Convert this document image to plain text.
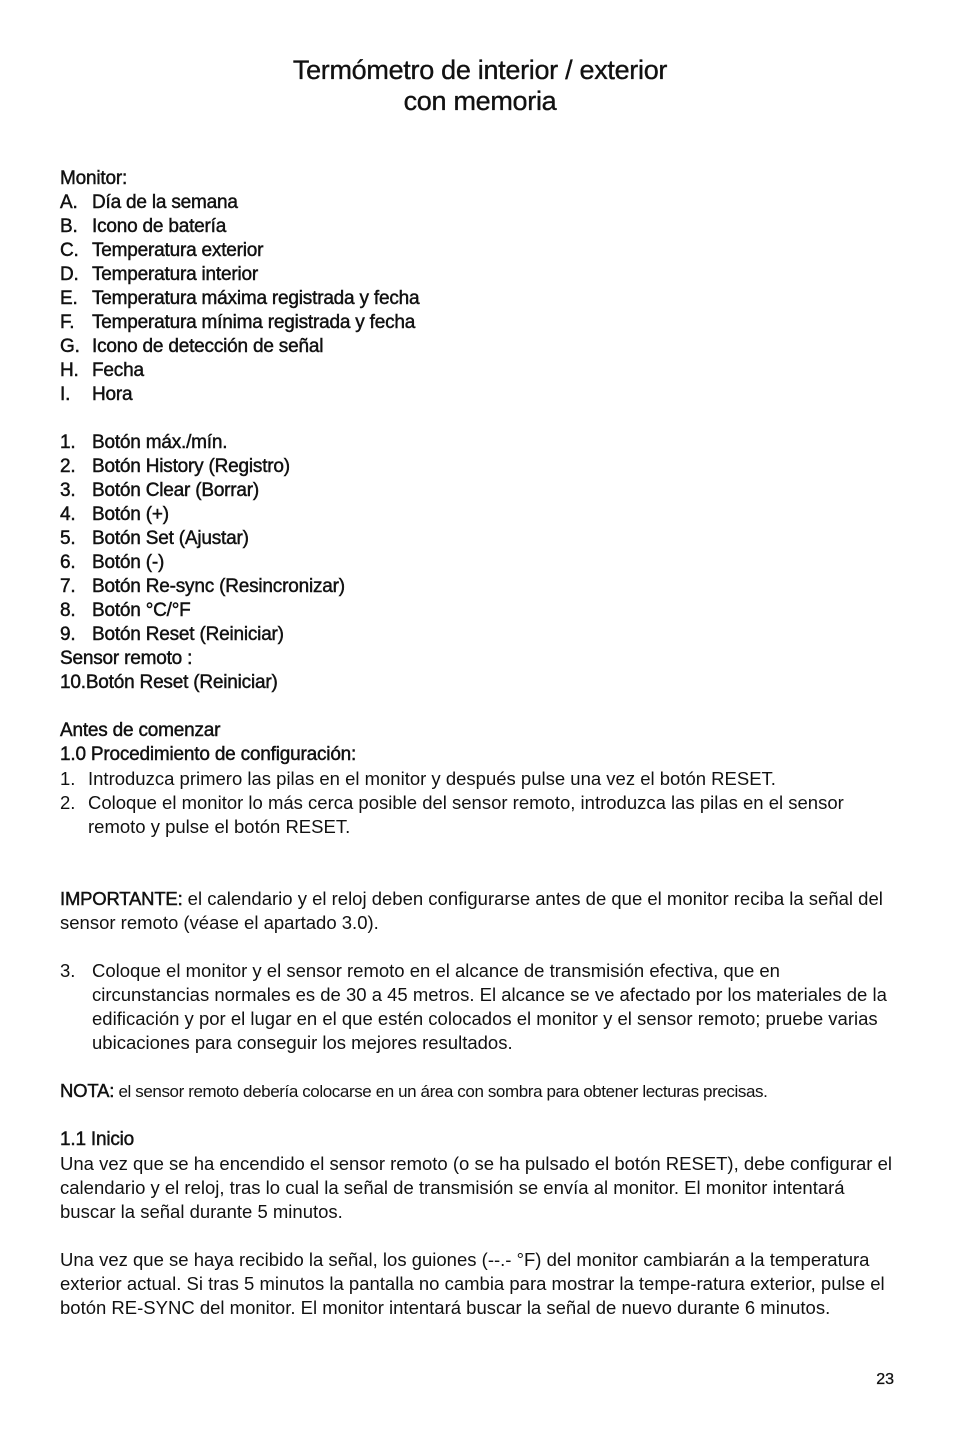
Termómetro de interior / exterior
con memoria
Monitor:
A. Día de la semana
B. Icono de batería
C. Temperatura exterior
D. Temperatura interior
E. Temperatura máxima registrada y fecha
F. Temperatura mínima registrada y fecha
G. Icono de detección de señal
H. Fecha
I.	Hora
1. Botón máx./mín.
2. Botón History (Registro)
3. Botón Clear (Borrar)
4. Botón (+)
5. Botón Set (Ajustar)
6. Botón (-)
7. Botón Re-sync (Resincronizar)
8. Botón °C/°F
9. Botón Reset (Reiniciar)
Sensor remoto :
10.Botón Reset (Reiniciar)
Antes de comenzar
1.0 Procedimiento de configuración:
1. Introduzca primero las pilas en el monitor y después pulse una vez el botón RESET.
2. Coloque el monitor lo más cerca posible del sensor remoto, introduzca las pilas en el sensor remoto y pulse el botón RESET.
IMPORTANTE: el calendario y el reloj deben configurarse antes de que el monitor reciba la señal del sensor remoto (véase el apartado 3.0).
3. Coloque el monitor y el sensor remoto en el alcance de transmisión efectiva, que en circunstancias normales es de 30 a 45 metros. El alcance se ve afectado por los materiales de la edificación y por el lugar en el que estén colocados el monitor y el sensor remoto; pruebe varias ubicaciones para conseguir los mejores resultados.
NOTA: el sensor remoto debería colocarse en un área con sombra para obtener lecturas precisas.
1.1 Inicio
Una vez que se ha encendido el sensor remoto (o se ha pulsado el botón RESET), debe configurar el calendario y el reloj, tras lo cual la señal de transmisión se envía al monitor. El monitor intentará buscar la señal durante 5 minutos.
Una vez que se haya recibido la señal, los guiones (--.- °F) del monitor cambiarán a la temperatura exterior actual. Si tras 5 minutos la pantalla no cambia para mostrar la tempe-ratura exterior, pulse el botón RE-SYNC del monitor. El monitor intentará buscar la señal de nuevo durante 6 minutos.
23
